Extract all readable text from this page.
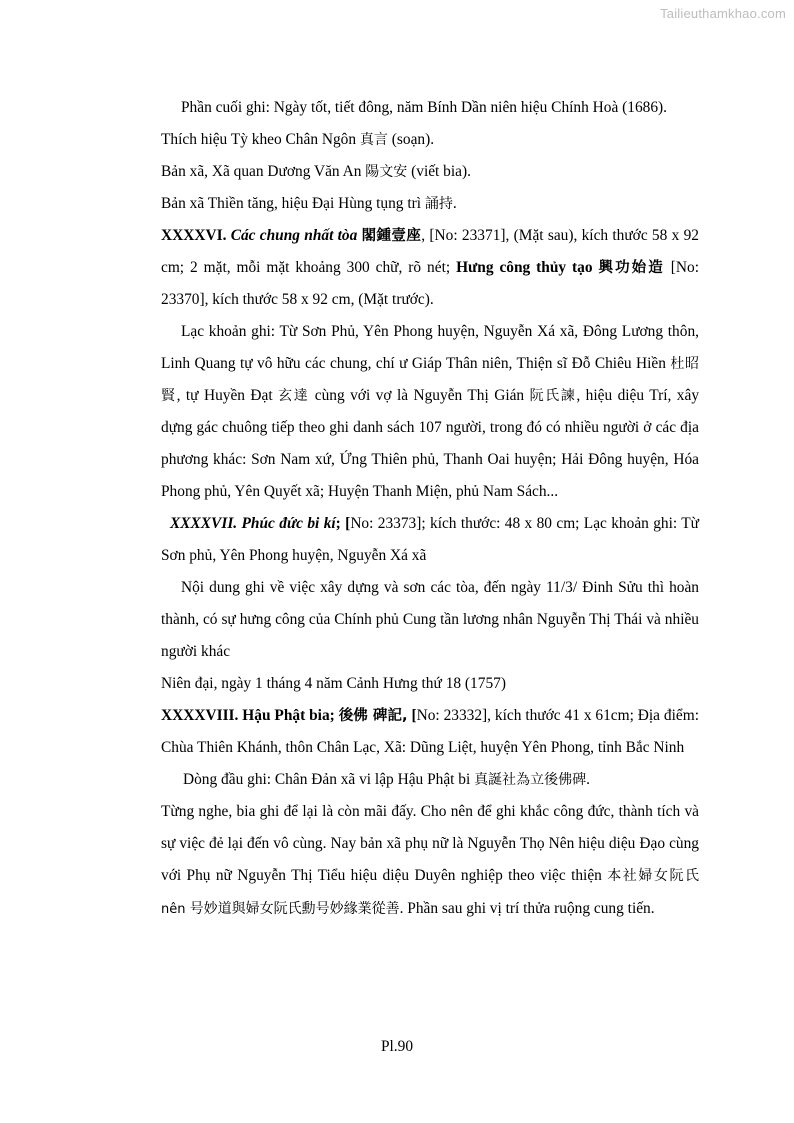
Tailieuthamkhao.com

Phần cuối ghi: Ngày tốt, tiết đông, năm Bính Dần niên hiệu Chính Hoà (1686).

Thích hiệu Tỳ kheo Chân Ngôn 真言 (soạn).

Bản xã, Xã quan Dương Văn An 陽文安 (viết bia).

Bản xã Thiền tăng, hiệu Đại Hùng tụng trì 誦持.

XXXXVI. Các chung nhất tòa 閣鍾壹座, [No: 23371], (Mặt sau), kích thước 58 x 92 cm; 2 mặt, mỗi mặt khoảng 300 chữ, rõ nét; Hưng công thủy tạo 興功始造 [No: 23370], kích thước 58 x 92 cm, (Mặt trước).

Lạc khoản ghi: Từ Sơn Phủ, Yên Phong huyện, Nguyễn Xá xã, Đông Lương thôn, Linh Quang tự vô hữu các chung, chí ư Giáp Thân niên, Thiện sĩ Đỗ Chiêu Hiền 杜昭賢, tự Huyền Đạt 玄達 cùng với vợ là Nguyễn Thị Gián 阮氏諫, hiệu diệu Trí, xây dựng gác chuông tiếp theo ghi danh sách 107 người, trong đó có nhiều người ở các địa phương khác: Sơn Nam xứ, Ứng Thiên phủ, Thanh Oai huyện; Hải Đông huyện, Hóa Phong phủ, Yên Quyết xã; Huyện Thanh Miện, phủ Nam Sách...

XXXXVII. Phúc đức bi kí; [No: 23373]; kích thước: 48 x 80 cm; Lạc khoản ghi: Từ Sơn phủ, Yên Phong huyện, Nguyễn Xá xã

Nội dung ghi về việc xây dựng và sơn các tòa, đến ngày 11/3/ Đinh Sửu thì hoàn thành, có sự hưng công của Chính phủ Cung tần lương nhân Nguyễn Thị Thái và nhiều người khác

Niên đại, ngày 1 tháng 4 năm Cảnh Hưng thứ 18 (1757)

XXXXVIII. Hậu Phật bia; 後佛 碑記, [No: 23332], kích thước 41 x 61cm; Địa điểm: Chùa Thiên Khánh, thôn Chân Lạc, Xã: Dũng Liệt, huyện Yên Phong, tỉnh Bắc Ninh

Dòng đầu ghi: Chân Đản xã vi lập Hậu Phật bi 真誕社為立後佛碑.

Từng nghe, bia ghi để lại là còn mãi đấy. Cho nên để ghi khắc công đức, thành tích và sự việc đẻ lại đến vô cùng. Nay bản xã phụ nữ là Nguyễn Thọ Nên hiệu diệu Đạo cùng với Phụ nữ Nguyễn Thị Tiểu hiệu diệu Duyên nghiệp theo việc thiện 本社婦女阮氏 nên 号妙道與婦女阮氏勳号妙緣業從善. Phần sau ghi vị trí thửa ruộng cung tiến.

Pl.90
